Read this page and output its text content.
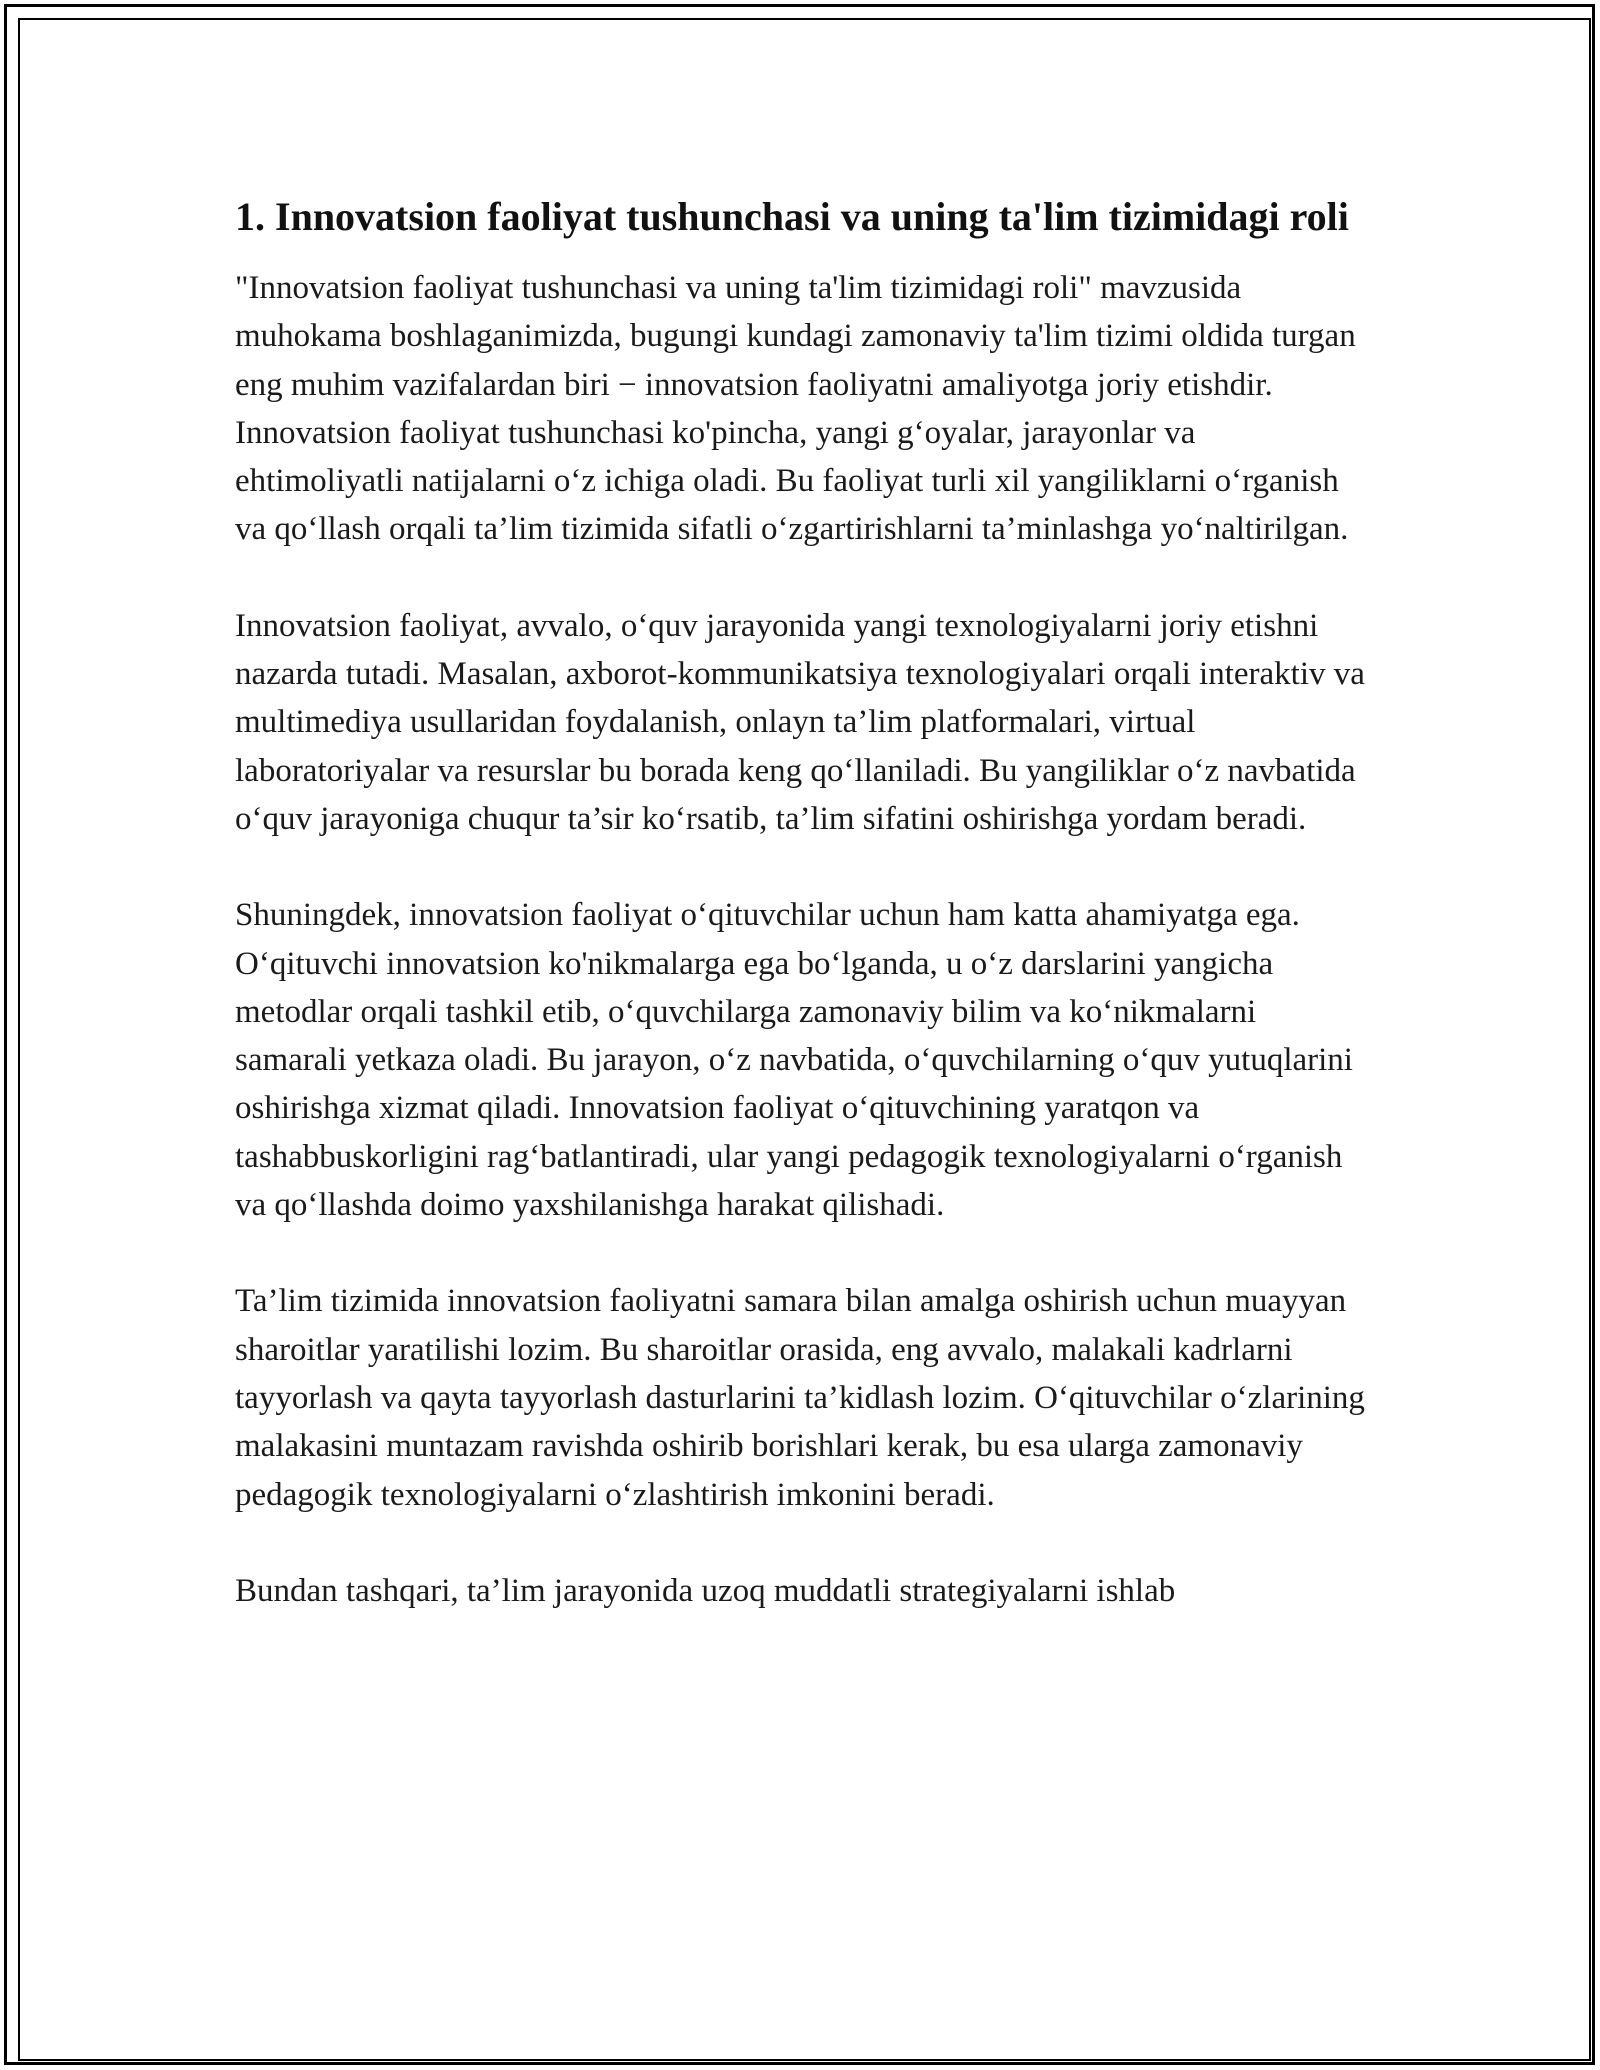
1. Innovatsion faoliyat tushunchasi va uning ta'lim tizimidagi roli

"Innovatsion faoliyat tushunchasi va uning ta'lim tizimidagi roli" mavzusida muhokama boshlaganimizda, bugungi kundagi zamonaviy ta'lim tizimi oldida turgan eng muhim vazifalardan biri − innovatsion faoliyatni amaliyotga joriy etishdir. Innovatsion faoliyat tushunchasi ko'pincha, yangi g‘oyalar, jarayonlar va ehtimoliyatli natijalarni o‘z ichiga oladi. Bu faoliyat turli xil yangiliklarni o‘rganish va qo‘llash orqali ta’lim tizimida sifatli o‘zgartirishlarni ta’minlashga yo‘naltirilgan.

Innovatsion faoliyat, avvalo, o‘quv jarayonida yangi texnologiyalarni joriy etishni nazarda tutadi. Masalan, axborot-kommunikatsiya texnologiyalari orqali interaktiv va multimediya usullaridan foydalanish, onlayn ta’lim platformalari, virtual laboratoriyalar va resurslar bu borada keng qo‘llaniladi. Bu yangiliklar o‘z navbatida o‘quv jarayoniga chuqur ta’sir ko‘rsatib, ta’lim sifatini oshirishga yordam beradi.

Shuningdek, innovatsion faoliyat o‘qituvchilar uchun ham katta ahamiyatga ega. O‘qituvchi innovatsion ko'nikmalarga ega bo‘lganda, u o‘z darslarini yangicha metodlar orqali tashkil etib, o‘quvchilarga zamonaviy bilim va ko‘nikmalarni samarali yetkaza oladi. Bu jarayon, o‘z navbatida, o‘quvchilarning o‘quv yutuqlarini oshirishga xizmat qiladi. Innovatsion faoliyat o‘qituvchining yaratqon va tashabbuskorligini rag‘batlantiradi, ular yangi pedagogik texnologiyalarni o‘rganish va qo‘llashda doimo yaxshilanishga harakat qilishadi.

Ta’lim tizimida innovatsion faoliyatni samara bilan amalga oshirish uchun muayyan sharoitlar yaratilishi lozim. Bu sharoitlar orasida, eng avvalo, malakali kadrlarni tayyorlash va qayta tayyorlash dasturlarini ta’kidlash lozim. O‘qituvchilar o‘zlarining malakasini muntazam ravishda oshirib borishlari kerak, bu esa ularga zamonaviy pedagogik texnologiyalarni o‘zlashtirish imkonini beradi.

Bundan tashqari, ta’lim jarayonida uzoq muddatli strategiyalarni ishlab
